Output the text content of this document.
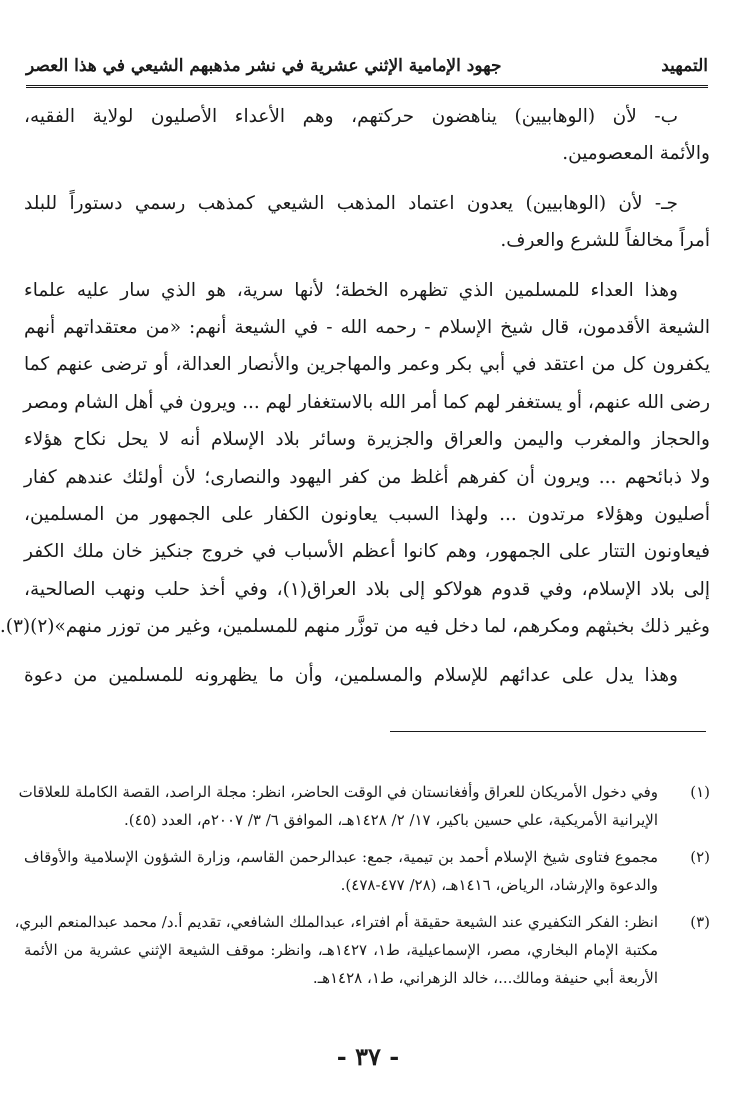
التمهيد
جهود الإمامية الإثني عشرية في نشر مذهبهم الشيعي في هذا العصر
ب- لأن (الوهابيين) يناهضون حركتهم، وهم الأعداء الأصليون لولاية الفقيه،
والأئمة المعصومين.
جـ- لأن (الوهابيين) يعدون اعتماد المذهب الشيعي كمذهب رسمي دستوراً للبلد
أمراً مخالفاً للشرع والعرف.
وهذا العداء للمسلمين الذي تظهره الخطة؛ لأنها سرية، هو الذي سار عليه علماء
الشيعة الأقدمون، قال شيخ الإسلام - رحمه الله - في الشيعة أنهم: «من معتقداتهم أنهم
يكفرون كل من اعتقد في أبي بكر وعمر والمهاجرين والأنصار العدالة، أو ترضى عنهم كما
رضى الله عنهم، أو يستغفر لهم كما أمر الله بالاستغفار لهم ... ويرون في أهل الشام ومصر
والحجاز والمغرب واليمن والعراق والجزيرة وسائر بلاد الإسلام أنه لا يحل نكاح هؤلاء
ولا ذبائحهم ... ويرون أن كفرهم أغلظ من كفر اليهود والنصارى؛ لأن أولئك عندهم كفار
أصليون وهؤلاء مرتدون ... ولهذا السبب يعاونون الكفار على الجمهور من المسلمين،
فيعاونون التتار على الجمهور، وهم كانوا أعظم الأسباب في خروج جنكيز خان ملك الكفر
إلى بلاد الإسلام، وفي قدوم هولاكو إلى بلاد العراق(١)، وفي أخذ حلب ونهب الصالحية،
وغير ذلك بخبثهم ومكرهم، لما دخل فيه من توزَّر منهم للمسلمين، وغير من توزر منهم»(٢)(٣).
وهذا يدل على عدائهم للإسلام والمسلمين، وأن ما يظهرونه للمسلمين من دعوة
(١)
وفي دخول الأمريكان للعراق وأفغانستان في الوقت الحاضر، انظر: مجلة الراصد، القصة الكاملة للعلاقات
الإيرانية الأمريكية، علي حسين باكير، ١٧/ ٢/ ١٤٢٨هـ، الموافق ٦/ ٣/ ٢٠٠٧م، العدد (٤٥).
(٢)
مجموع فتاوى شيخ الإسلام أحمد بن تيمية، جمع: عبدالرحمن القاسم، وزارة الشؤون الإسلامية والأوقاف
والدعوة والإرشاد، الرياض، ١٤١٦هـ، (٢٨/ ٤٧٧-٤٧٨).
(٣)
انظر: الفكر التكفيري عند الشيعة حقيقة أم افتراء، عبدالملك الشافعي، تقديم أ.د/ محمد عبدالمنعم البري،
مكتبة الإمام البخاري، مصر، الإسماعيلية، ط١، ١٤٢٧هـ، وانظر: موقف الشيعة الإثني عشرية من الأئمة
الأربعة أبي حنيفة ومالك...، خالد الزهراني، ط١، ١٤٢٨هـ.
- ٣٧ -
